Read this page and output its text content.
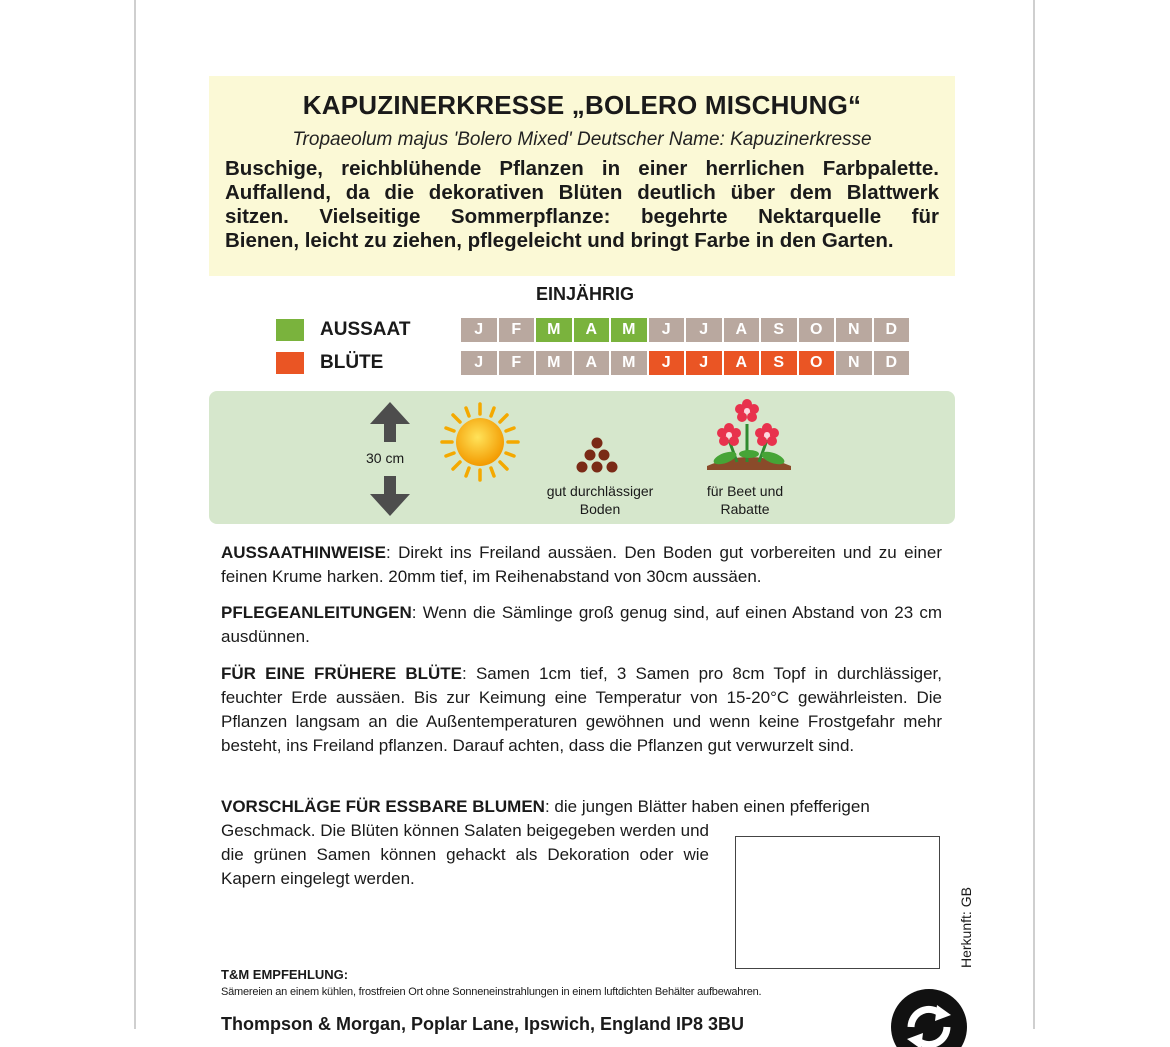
KAPUZINERKRESSE „BOLERO MISCHUNG“
Tropaeolum majus 'Bolero Mixed' Deutscher Name: Kapuzinerkresse
Buschige, reichblühende Pflanzen in einer herrlichen Farbpalette.
Auffallend, da die dekorativen Blüten deutlich über dem Blattwerk
sitzen. Vielseitige Sommerpflanze: begehrte Nektarquelle für
Bienen, leicht zu ziehen, pflegeleicht und bringt Farbe in den Garten.
EINJÄHRIG
AUSSAAT	J	F	M	A	M	J	J	A	S	O	N	D
BLÜTE	J	F	M	A	M	J	J	A	S	O	N	D
30 cm
gut durchlässiger Boden
für Beet und Rabatte
AUSSAATHINWEISE: Direkt ins Freiland aussäen. Den Boden gut vorbereiten und zu einer feinen Krume harken. 20mm tief, im Reihenabstand von 30cm aussäen.
PFLEGEANLEITUNGEN: Wenn die Sämlinge groß genug sind, auf einen Abstand von 23 cm ausdünnen.
FÜR EINE FRÜHERE BLÜTE: Samen 1cm tief, 3 Samen pro 8cm Topf in durchlässiger, feuchter Erde aussäen. Bis zur Keimung eine Temperatur von 15-20°C gewährleisten. Die Pflanzen langsam an die Außentemperaturen gewöhnen und wenn keine Frostgefahr mehr besteht, ins Freiland pflanzen. Darauf achten, dass die Pflanzen gut verwurzelt sind.
VORSCHLÄGE FÜR ESSBARE BLUMEN: die jungen Blätter haben einen pfefferigen
Geschmack. Die Blüten können Salaten beigegeben werden und die grünen Samen können gehackt als Dekoration oder wie Kapern eingelegt werden.
Herkunft: GB
T&M EMPFEHLUNG:
Sämereien an einem kühlen, frostfreien Ort ohne Sonneneinstrahlungen in einem luftdichten Behälter aufbewahren.
Thompson & Morgan, Poplar Lane, Ipswich, England IP8 3BU
